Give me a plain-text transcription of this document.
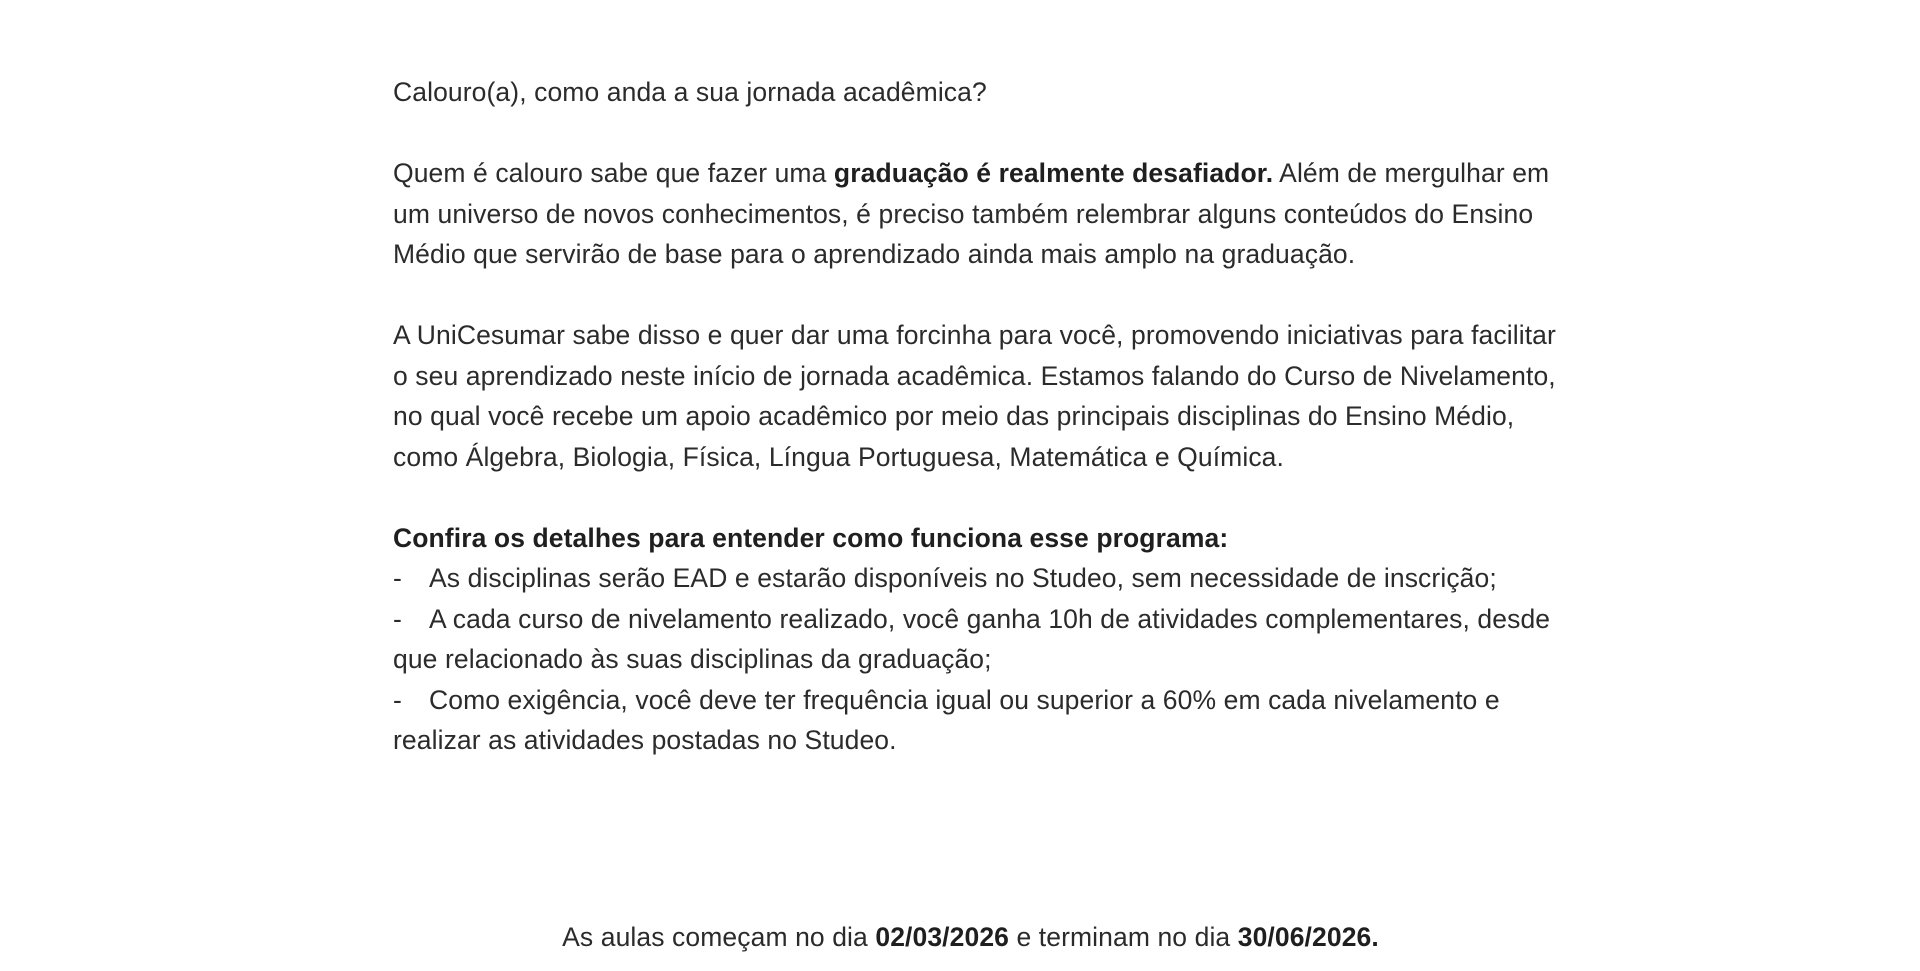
Calouro(a), como anda a sua jornada acadêmica?

Quem é calouro sabe que fazer uma graduação é realmente desafiador. Além de mergulhar em um universo de novos conhecimentos, é preciso também relembrar alguns conteúdos do Ensino Médio que servirão de base para o aprendizado ainda mais amplo na graduação.

A UniCesumar sabe disso e quer dar uma forcinha para você, promovendo iniciativas para facilitar o seu aprendizado neste início de jornada acadêmica. Estamos falando do Curso de Nivelamento, no qual você recebe um apoio acadêmico por meio das principais disciplinas do Ensino Médio, como Álgebra, Biologia, Física, Língua Portuguesa, Matemática e Química.

Confira os detalhes para entender como funciona esse programa:
- As disciplinas serão EAD e estarão disponíveis no Studeo, sem necessidade de inscrição;
- A cada curso de nivelamento realizado, você ganha 10h de atividades complementares, desde que relacionado às suas disciplinas da graduação;
- Como exigência, você deve ter frequência igual ou superior a 60% em cada nivelamento e realizar as atividades postadas no Studeo.
As aulas começam no dia 02/03/2026 e terminam no dia 30/06/2026.
